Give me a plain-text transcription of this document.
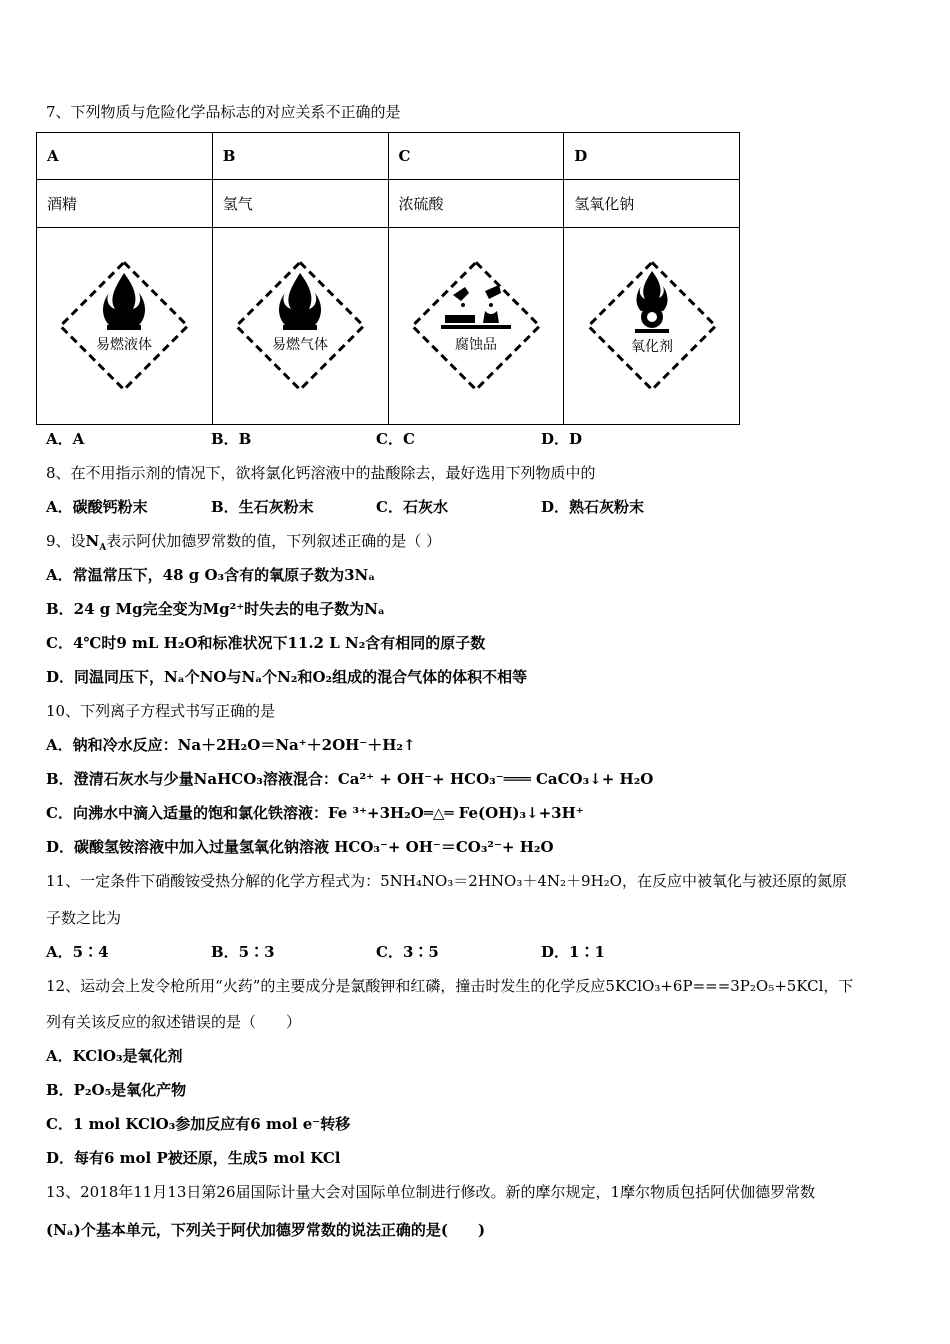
7、下列物质与危险化学品标志的对应关系不正确的是
A	B	C	D
酒精	氢气	浓硫酸	氢氧化钠

易燃液体	易燃气体	腐蚀品	氧化剂
A．A	B．B	C．C	D．D
8、在不用指示剂的情况下，欲将氯化钙溶液中的盐酸除去，最好选用下列物质中的
A．碳酸钙粉末	B．生石灰粉末	C．石灰水	D．熟石灰粉末
9、设$N_A$表示阿伏加德罗常数的值，下列叙述正确的是（ ）
A．常温常压下，48 g O₃含有的氧原子数为3Nₐ
B．24 g Mg完全变为Mg²⁺时失去的电子数为Nₐ
C．4℃时9 mL H₂O和标准状况下11.2 L N₂含有相同的原子数
D．同温同压下，Nₐ个NO与Nₐ个N₂和O₂组成的混合气体的体积不相等
10、下列离子方程式书写正确的是
A．钠和冷水反应：Na＋2H₂O＝Na⁺＋2OH⁻＋H₂↑
B．澄清石灰水与少量NaHCO₃溶液混合：Ca²⁺ + OH⁻+ HCO₃⁻═══ CaCO₃↓+ H₂O
C．向沸水中滴入适量的饱和氯化铁溶液：Fe ³⁺+3H₂O═△═ Fe(OH)₃↓+3H⁺
D．碳酸氢铵溶液中加入过量氢氧化钠溶液 HCO₃⁻+ OH⁻＝CO₃²⁻+ H₂O
11、一定条件下硝酸铵受热分解的化学方程式为：5NH₄NO₃＝2HNO₃＋4N₂＋9H₂O，在反应中被氧化与被还原的氮原
子数之比为
A．5∶4	B．5∶3	C．3∶5	D．1∶1
12、运动会上发令枪所用“火药”的主要成分是氯酸钾和红磷，撞击时发生的化学反应5KClO₃+6P===3P₂O₅+5KCl，下
列有关该反应的叙述错误的是（　　）
A．KClO₃是氧化剂
B．P₂O₅是氧化产物
C．1 mol KClO₃参加反应有6 mol e⁻转移
D．每有6 mol P被还原，生成5 mol KCl
13、2018年11月13日第26届国际计量大会对国际单位制进行修改。新的摩尔规定，1摩尔物质包括阿伏伽德罗常数
(Nₐ)个基本单元，下列关于阿伏加德罗常数的说法正确的是(　　)
